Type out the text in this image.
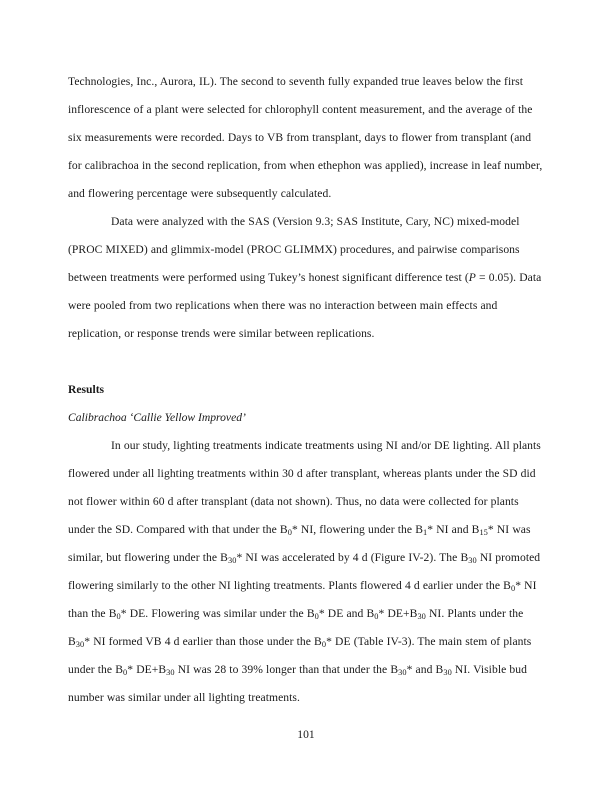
Technologies, Inc., Aurora, IL). The second to seventh fully expanded true leaves below the first inflorescence of a plant were selected for chlorophyll content measurement, and the average of the six measurements were recorded. Days to VB from transplant, days to flower from transplant (and for calibrachoa in the second replication, from when ethephon was applied), increase in leaf number, and flowering percentage were subsequently calculated.

Data were analyzed with the SAS (Version 9.3; SAS Institute, Cary, NC) mixed-model (PROC MIXED) and glimmix-model (PROC GLIMMX) procedures, and pairwise comparisons between treatments were performed using Tukey’s honest significant difference test (P = 0.05). Data were pooled from two replications when there was no interaction between main effects and replication, or response trends were similar between replications.

Results

Calibrachoa ‘Callie Yellow Improved’

In our study, lighting treatments indicate treatments using NI and/or DE lighting. All plants flowered under all lighting treatments within 30 d after transplant, whereas plants under the SD did not flower within 60 d after transplant (data not shown). Thus, no data were collected for plants under the SD. Compared with that under the $B_0*$ NI, flowering under the $B_1*$ NI and $B_{15}*$ NI was similar, but flowering under the $B_{30}*$ NI was accelerated by 4 d (Figure IV-2). The $B_{30}$ NI promoted flowering similarly to the other NI lighting treatments. Plants flowered 4 d earlier under the $B_0*$ NI than the $B_0*$ DE. Flowering was similar under the $B_0*$ DE and $B_0*$ $DE+B_{30}$ NI. Plants under the $B_{30}*$ NI formed VB 4 d earlier than those under the $B_0*$ DE (Table IV-3). The main stem of plants under the $B_0*$ $DE+B_{30}$ NI was 28 to 39% longer than that under the $B_{30}*$ and $B_{30}$ NI. Visible bud number was similar under all lighting treatments.

101
